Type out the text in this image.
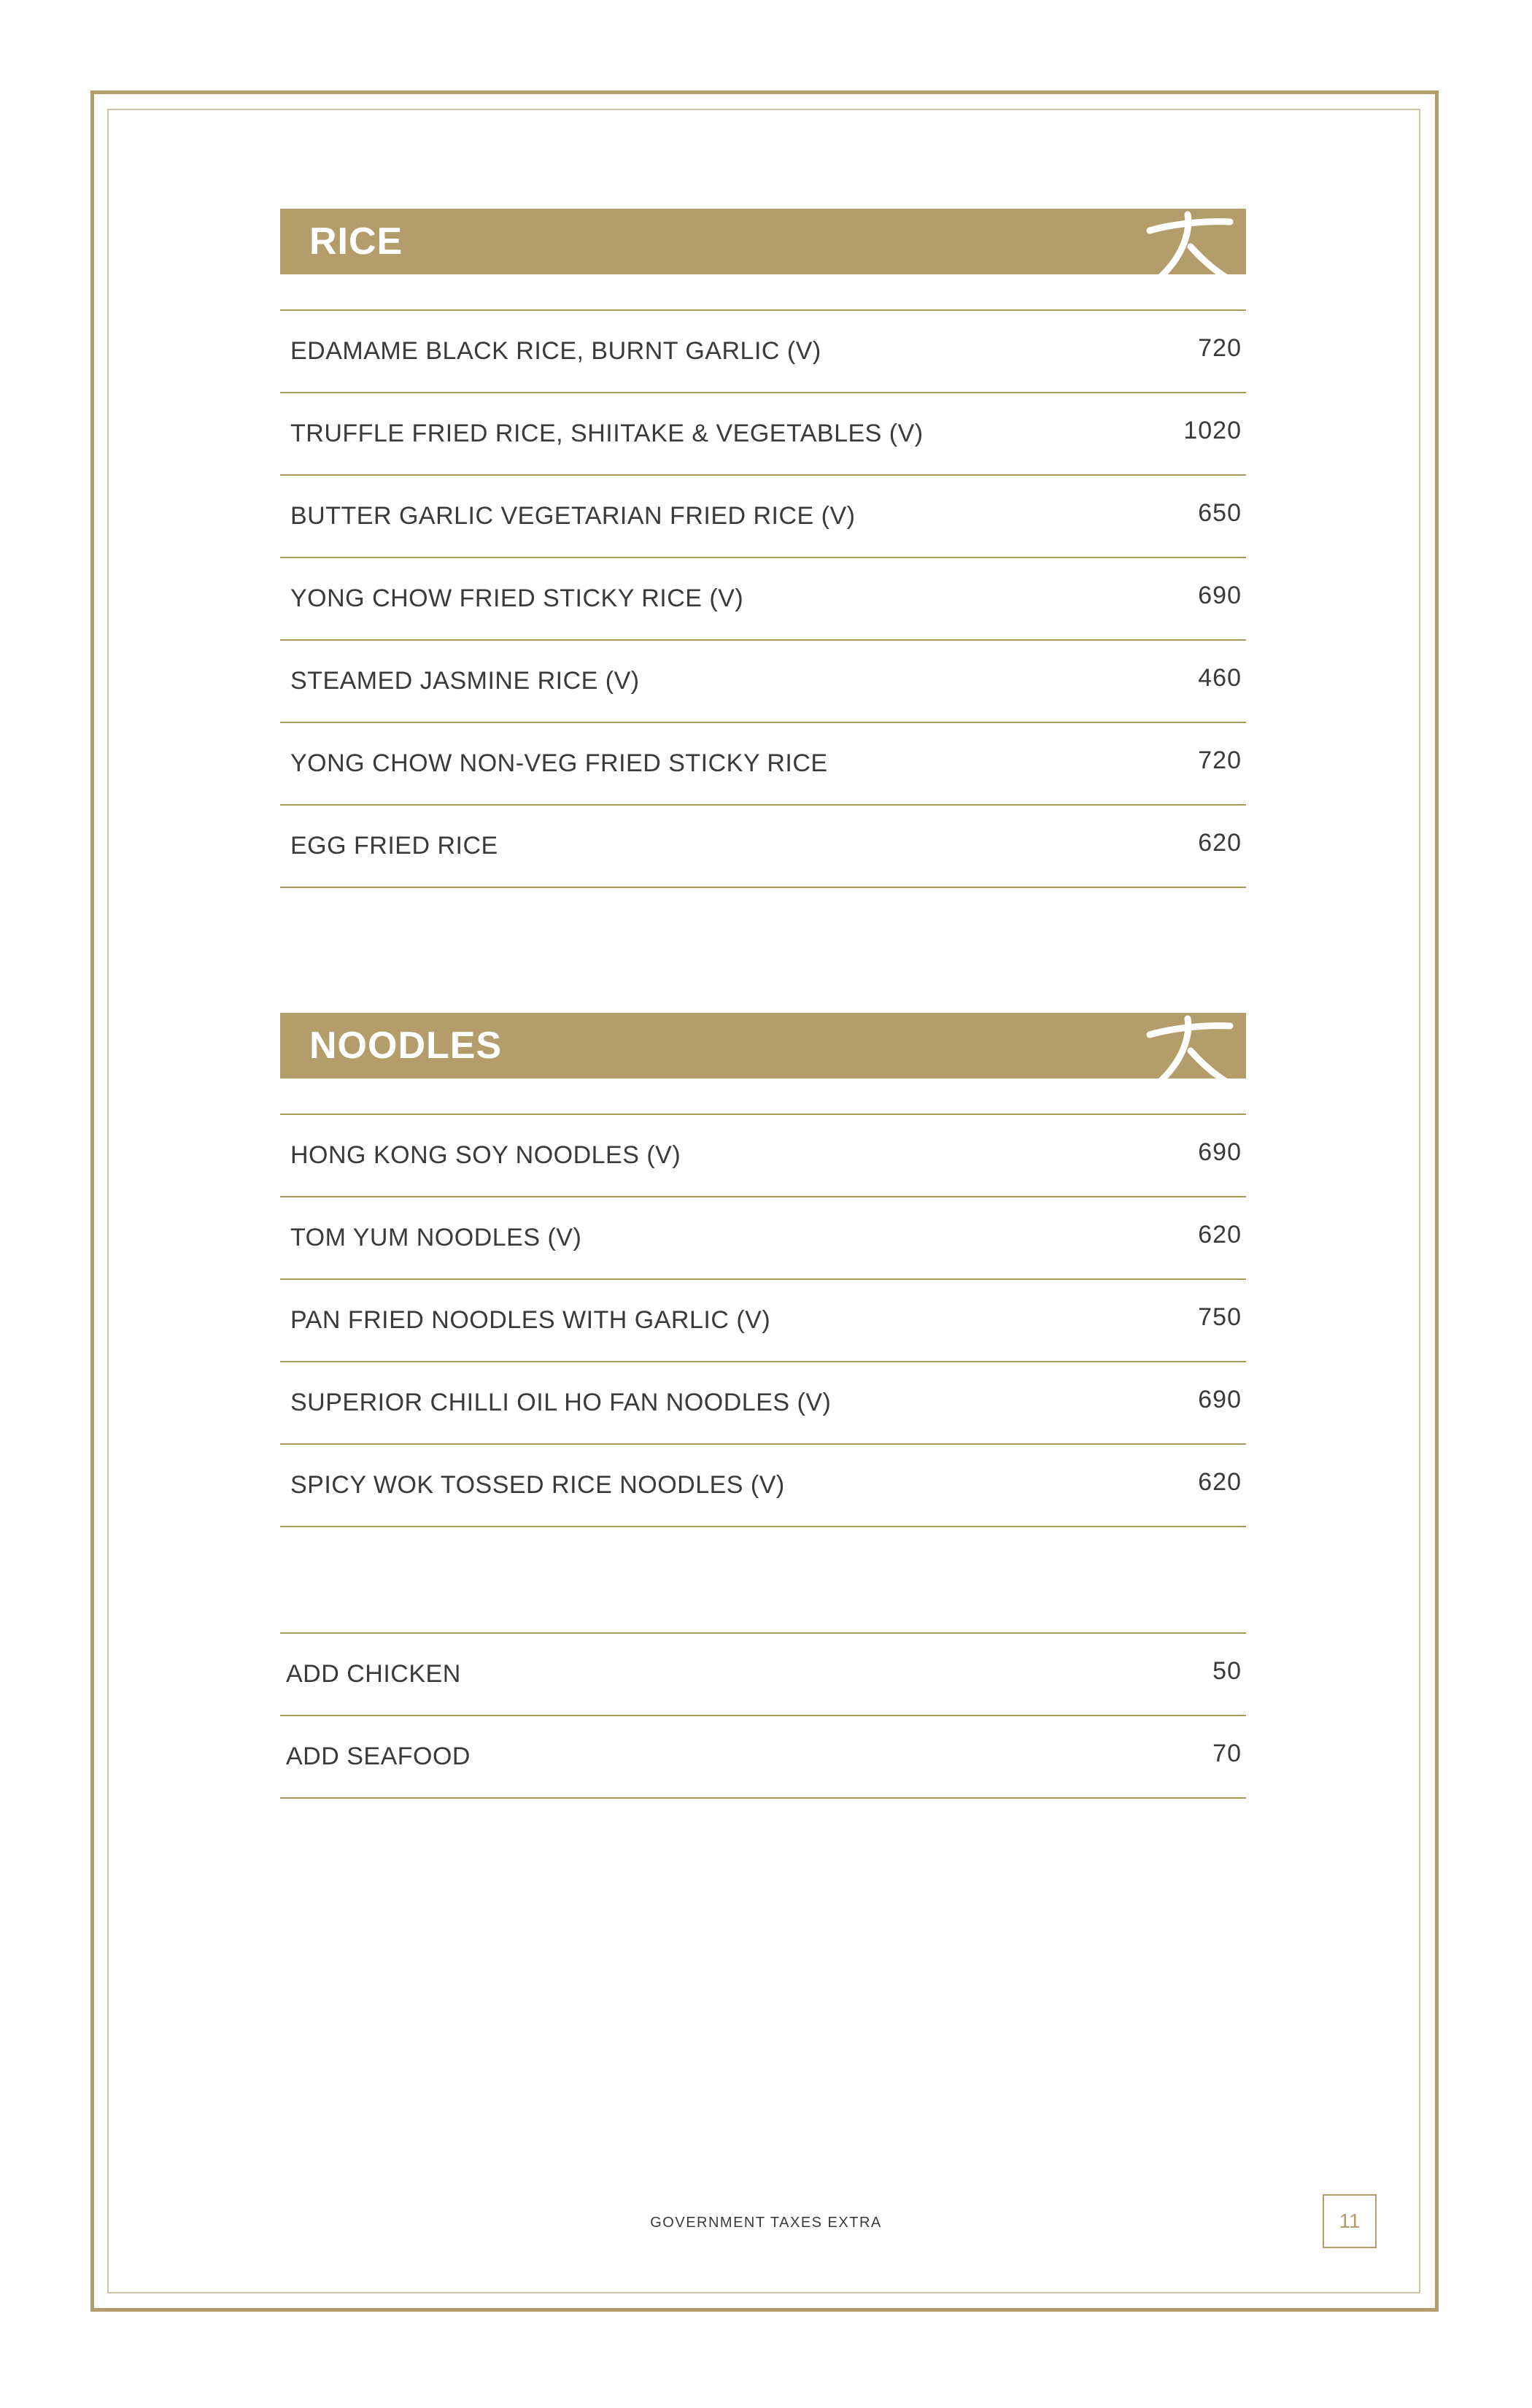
RICE
EDAMAME BLACK RICE, BURNT GARLIC (V)	720
TRUFFLE FRIED RICE, SHIITAKE & VEGETABLES (V)	1020
BUTTER GARLIC VEGETARIAN FRIED RICE (V)	650
YONG CHOW FRIED STICKY RICE (V)	690
STEAMED JASMINE RICE (V)	460
YONG CHOW NON-VEG FRIED STICKY RICE	720
EGG FRIED RICE	620
NOODLES
HONG KONG SOY NOODLES (V)	690
TOM YUM NOODLES (V)	620
PAN FRIED NOODLES WITH GARLIC (V)	750
SUPERIOR CHILLI OIL HO FAN NOODLES (V)	690
SPICY WOK TOSSED RICE NOODLES (V)	620
ADD CHICKEN	50
ADD SEAFOOD	70
GOVERNMENT TAXES EXTRA	11
